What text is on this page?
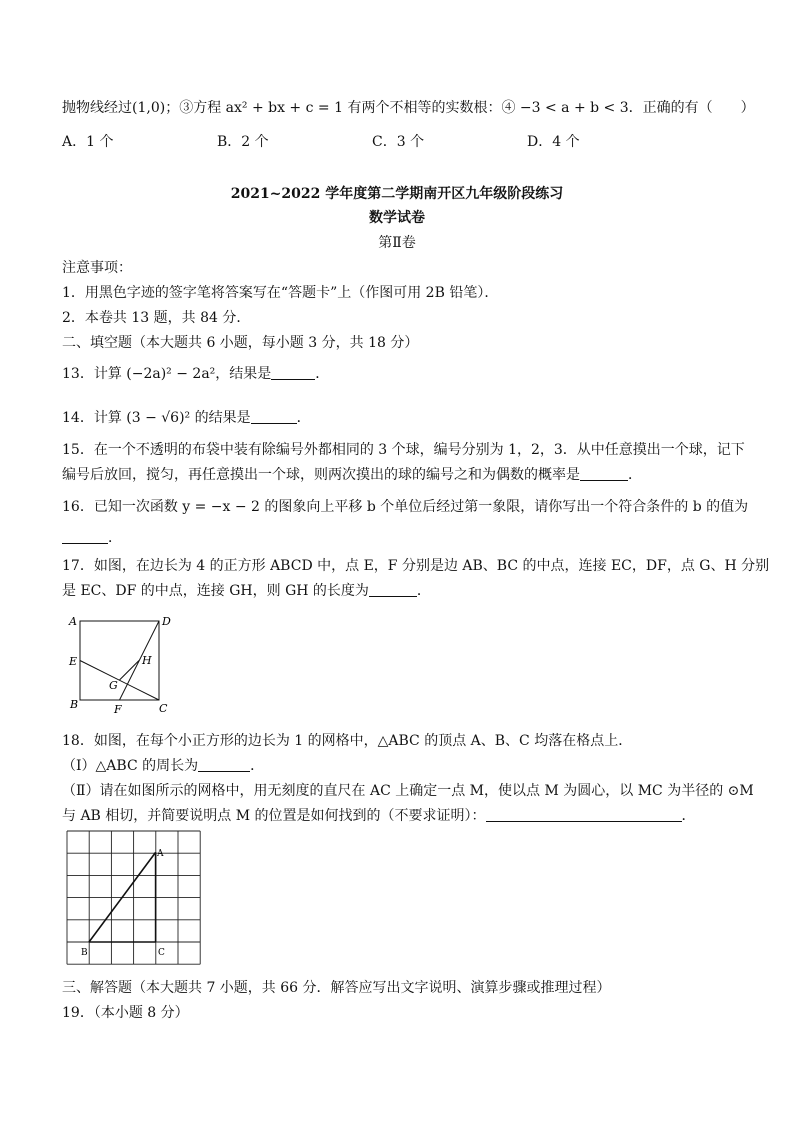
抛物线经过(1,0)；③方程 ax² + bx + c = 1 有两个不相等的实数根：④ −3 < a + b < 3．正确的有（　　）
A．1 个	B．2 个	C．3 个	D．4 个
2021~2022 学年度第二学期南开区九年级阶段练习
数学试卷
第Ⅱ卷
注意事项：
1．用黑色字迹的签字笔将答案写在“答题卡”上（作图可用 2B 铅笔）．
2．本卷共 13 题，共 84 分．
二、填空题（本大题共 6 小题，每小题 3 分，共 18 分）
13．计算 (−2a)² − 2a²，结果是	．
14．计算 (3 − √6)² 的结果是	．
15．在一个不透明的布袋中装有除编号外都相同的 3 个球，编号分别为 1，2，3．从中任意摸出一个球，记下
编号后放回，搅匀，再任意摸出一个球，则两次摸出的球的编号之和为偶数的概率是	．
16．已知一次函数 y = −x − 2 的图象向上平移 b 个单位后经过第一象限，请你写出一个符合条件的 b 的值为
．
17．如图，在边长为 4 的正方形 ABCD 中，点 E，F 分别是边 AB、BC 的中点，连接 EC，DF，点 G、H 分别
是 EC、DF 的中点，连接 GH，则 GH 的长度为	．
A	D
E	H
G
B	F	C
18．如图，在每个小正方形的边长为 1 的网格中，△ABC 的顶点 A、B、C 均落在格点上．
（Ⅰ）△ABC 的周长为	．
（Ⅱ）请在如图所示的网格中，用无刻度的直尺在 AC 上确定一点 M，使以点 M 为圆心，以 MC 为半径的 ⊙M
与 AB 相切，并简要说明点 M 的位置是如何找到的（不要求证明）：	．
A
B	C
三、解答题（本大题共 7 小题，共 66 分．解答应写出文字说明、演算步骤或推理过程）
19．（本小题 8 分）
